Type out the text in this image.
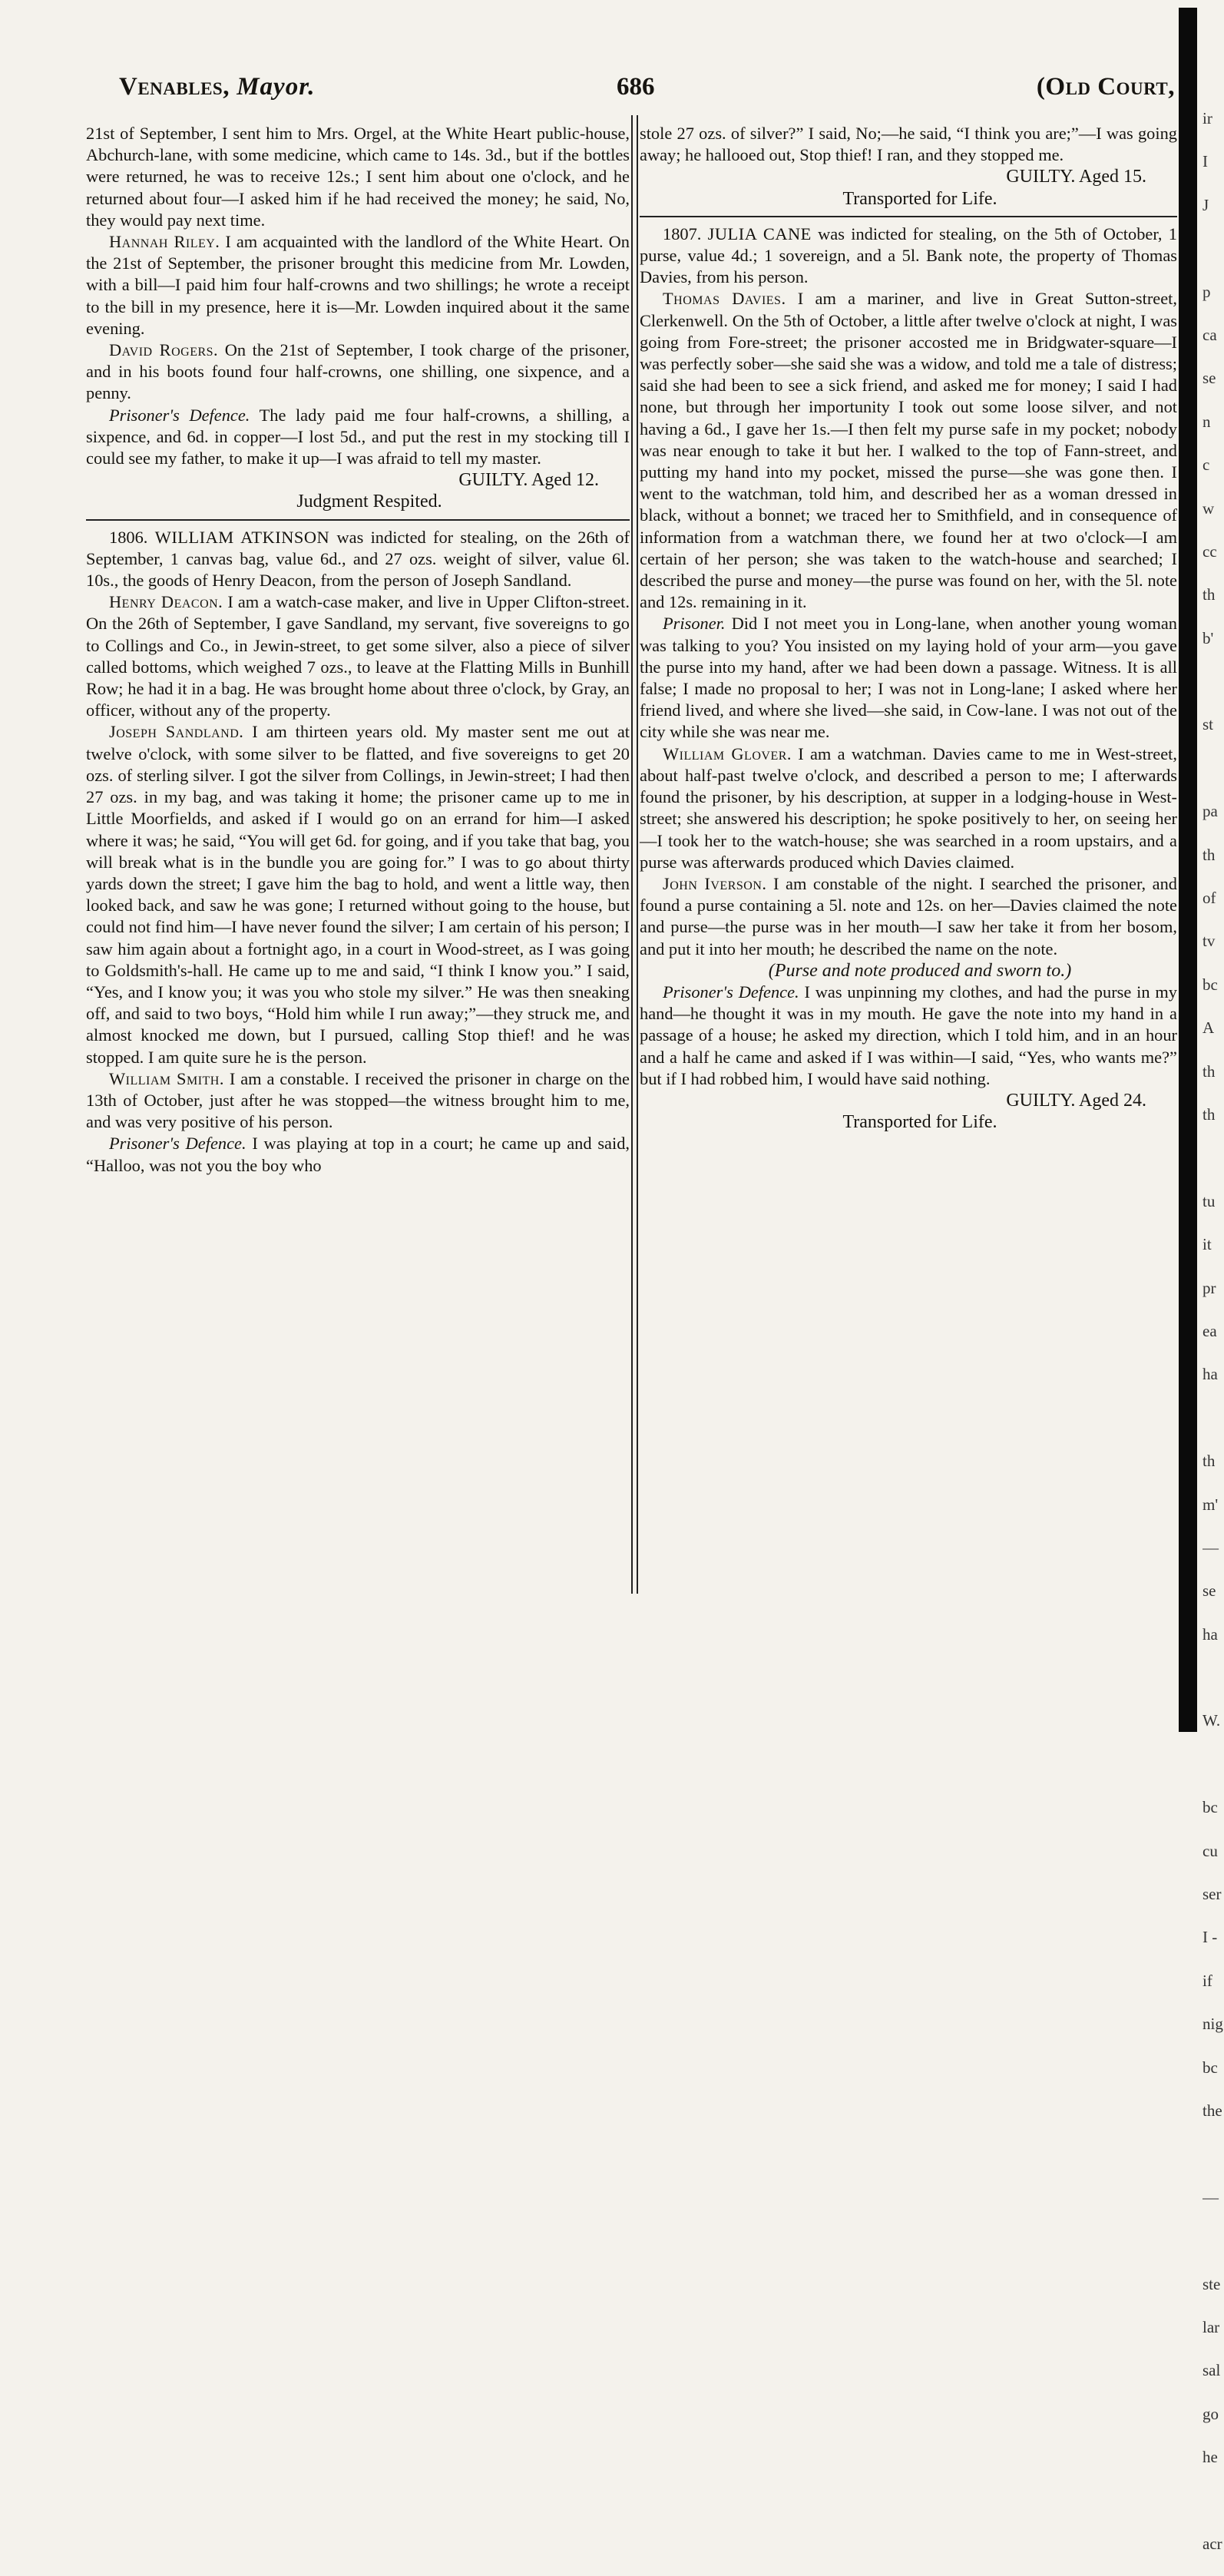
Venables, Mayor.	686	(Old Court,

21st of September, I sent him to Mrs. Orgel, at the White Heart public-house, Abchurch-lane, with some medicine, which came to 14s. 3d., but if the bottles were returned, he was to receive 12s.; I sent him about one o'clock, and he returned about four—I asked him if he had received the money; he said, No, they would pay next time.

Hannah Riley. I am acquainted with the landlord of the White Heart. On the 21st of September, the prisoner brought this medicine from Mr. Lowden, with a bill—I paid him four half-crowns and two shillings; he wrote a receipt to the bill in my presence, here it is—Mr. Lowden inquired about it the same evening.

David Rogers. On the 21st of September, I took charge of the prisoner, and in his boots found four half-crowns, one shilling, one sixpence, and a penny.

Prisoner's Defence. The lady paid me four half-crowns, a shilling, a sixpence, and 6d. in copper—I lost 5d., and put the rest in my stocking till I could see my father, to make it up—I was afraid to tell my master.

GUILTY. Aged 12.

Judgment Respited.

1806. WILLIAM ATKINSON was indicted for stealing, on the 26th of September, 1 canvas bag, value 6d., and 27 ozs. weight of silver, value 6l. 10s., the goods of Henry Deacon, from the person of Joseph Sandland.

Henry Deacon. I am a watch-case maker, and live in Upper Clifton-street. On the 26th of September, I gave Sandland, my servant, five sovereigns to go to Collings and Co., in Jewin-street, to get some silver, also a piece of silver called bottoms, which weighed 7 ozs., to leave at the Flatting Mills in Bunhill Row; he had it in a bag. He was brought home about three o'clock, by Gray, an officer, without any of the property.

Joseph Sandland. I am thirteen years old. My master sent me out at twelve o'clock, with some silver to be flatted, and five sovereigns to get 20 ozs. of sterling silver. I got the silver from Collings, in Jewin-street; I had then 27 ozs. in my bag, and was taking it home; the prisoner came up to me in Little Moorfields, and asked if I would go on an errand for him—I asked where it was; he said, “You will get 6d. for going, and if you take that bag, you will break what is in the bundle you are going for.” I was to go about thirty yards down the street; I gave him the bag to hold, and went a little way, then looked back, and saw he was gone; I returned without going to the house, but could not find him—I have never found the silver; I am certain of his person; I saw him again about a fortnight ago, in a court in Wood-street, as I was going to Goldsmith's-hall. He came up to me and said, “I think I know you.” I said, “Yes, and I know you; it was you who stole my silver.” He was then sneaking off, and said to two boys, “Hold him while I run away;”—they struck me, and almost knocked me down, but I pursued, calling Stop thief! and he was stopped. I am quite sure he is the person.

William Smith. I am a constable. I received the prisoner in charge on the 13th of October, just after he was stopped—the witness brought him to me, and was very positive of his person.

Prisoner's Defence. I was playing at top in a court; he came up and said, “Halloo, was not you the boy who

stole 27 ozs. of silver?” I said, No;—he said, “I think you are;”—I was going away; he hallooed out, Stop thief! I ran, and they stopped me.

GUILTY. Aged 15.

Transported for Life.

1807. JULIA CANE was indicted for stealing, on the 5th of October, 1 purse, value 4d.; 1 sovereign, and a 5l. Bank note, the property of Thomas Davies, from his person.

Thomas Davies. I am a mariner, and live in Great Sutton-street, Clerkenwell. On the 5th of October, a little after twelve o'clock at night, I was going from Fore-street; the prisoner accosted me in Bridgwater-square—I was perfectly sober—she said she was a widow, and told me a tale of distress; said she had been to see a sick friend, and asked me for money; I said I had none, but through her importunity I took out some loose silver, and not having a 6d., I gave her 1s.—I then felt my purse safe in my pocket; nobody was near enough to take it but her. I walked to the top of Fann-street, and putting my hand into my pocket, missed the purse—she was gone then. I went to the watchman, told him, and described her as a woman dressed in black, without a bonnet; we traced her to Smithfield, and in consequence of information from a watchman there, we found her at two o'clock—I am certain of her person; she was taken to the watch-house and searched; I described the purse and money—the purse was found on her, with the 5l. note and 12s. remaining in it.

Prisoner. Did I not meet you in Long-lane, when another young woman was talking to you? You insisted on my laying hold of your arm—you gave the purse into my hand, after we had been down a passage. Witness. It is all false; I made no proposal to her; I was not in Long-lane; I asked where her friend lived, and where she lived—she said, in Cow-lane. I was not out of the city while she was near me.

William Glover. I am a watchman. Davies came to me in West-street, about half-past twelve o'clock, and described a person to me; I afterwards found the prisoner, by his description, at supper in a lodging-house in West-street; she answered his description; he spoke positively to her, on seeing her—I took her to the watch-house; she was searched in a room upstairs, and a purse was afterwards produced which Davies claimed.

John Iverson. I am constable of the night. I searched the prisoner, and found a purse containing a 5l. note and 12s. on her—Davies claimed the note and purse—the purse was in her mouth—I saw her take it from her bosom, and put it into her mouth; he described the name on the note.

(Purse and note produced and sworn to.)

Prisoner's Defence. I was unpinning my clothes, and had the purse in my hand—he thought it was in my mouth. He gave the note into my hand in a passage of a house; he asked my direction, which I told him, and in an hour and a half he came and asked if I was within—I said, “Yes, who wants me?” but if I had robbed him, I would have said nothing.

GUILTY. Aged 24.

Transported for Life.

ir
I
J
p
ca
se
n
c
w
cc
th
b'
st
pa
th
of
tv
bc
A
th
th
tu
it
pr
ea
ha
th
m'
—
se
ha
W.
bc
cu
ser
I -
if
nig
bc
the
—
ste
lar
sal
go
he
acr
